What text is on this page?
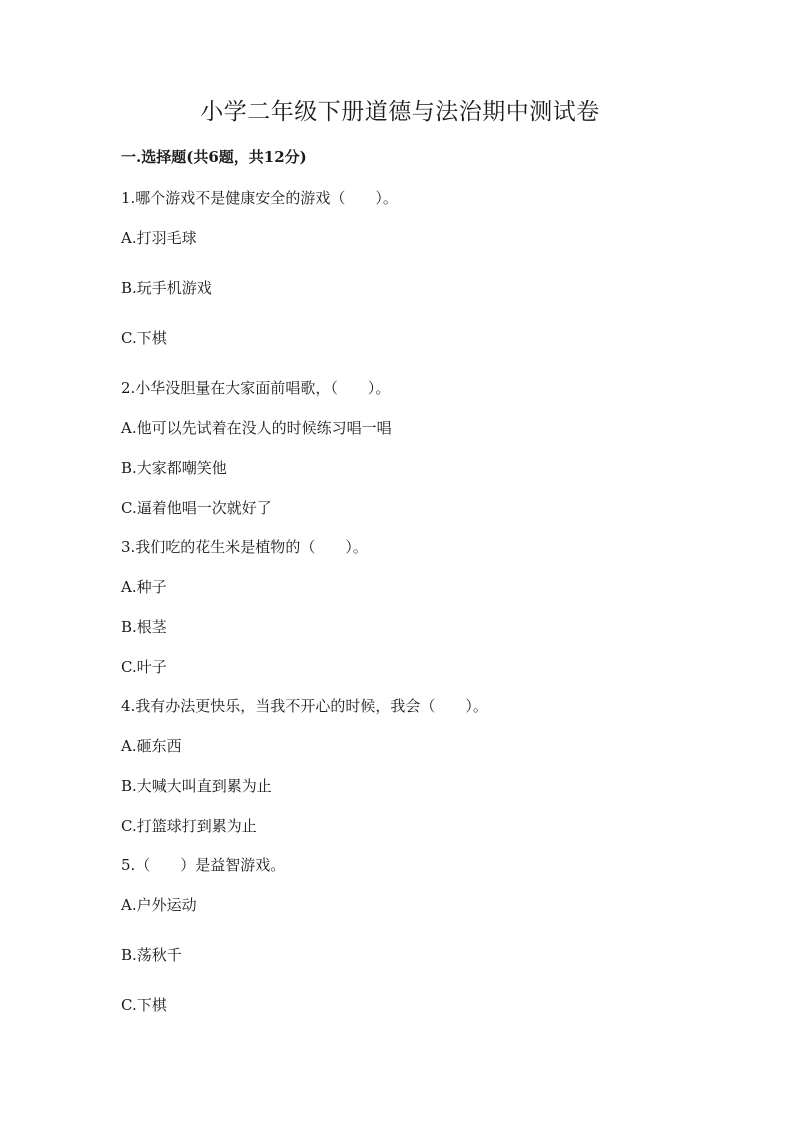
小学二年级下册道德与法治期中测试卷
一.选择题(共6题，共12分)
1.哪个游戏不是健康安全的游戏（　　）。
A.打羽毛球
B.玩手机游戏
C.下棋
2.小华没胆量在大家面前唱歌，（　　）。
A.他可以先试着在没人的时候练习唱一唱
B.大家都嘲笑他
C.逼着他唱一次就好了
3.我们吃的花生米是植物的（　　）。
A.种子
B.根茎
C.叶子
4.我有办法更快乐，当我不开心的时候，我会（　　）。
A.砸东西
B.大喊大叫直到累为止
C.打篮球打到累为止
5.（　　）是益智游戏。
A.户外运动
B.荡秋千
C.下棋
